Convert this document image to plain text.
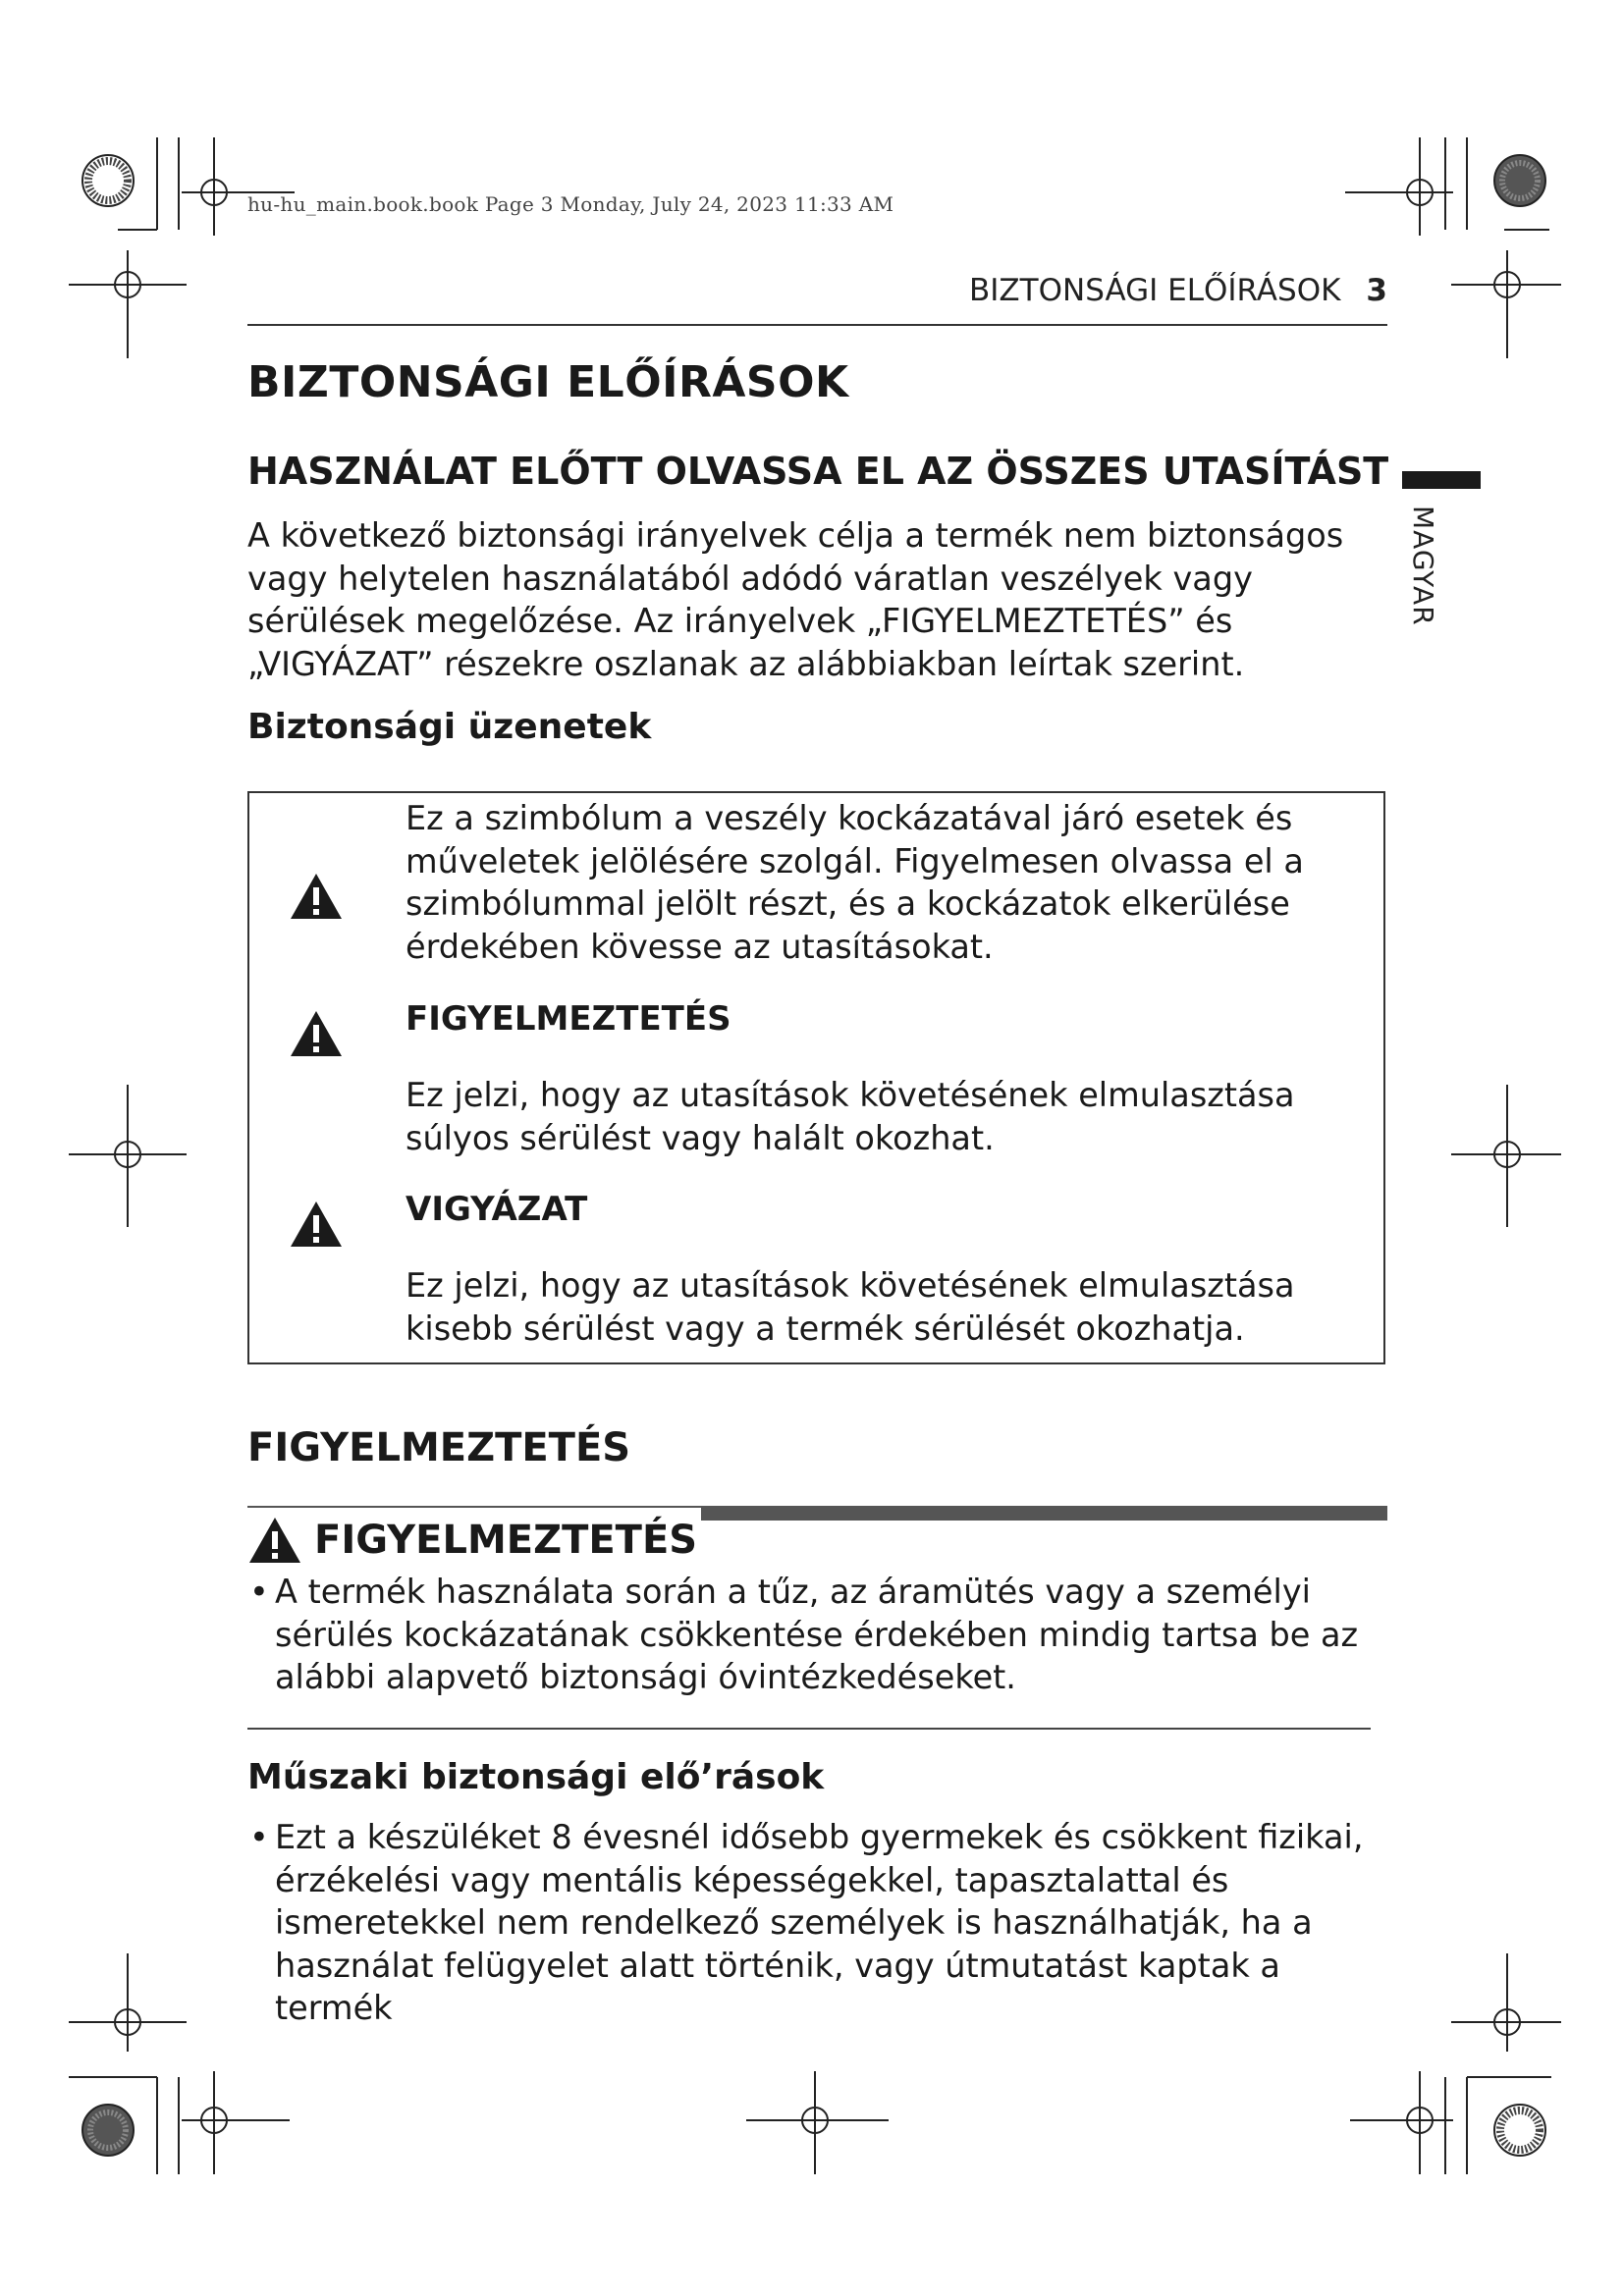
hu-hu_main.book.book Page 3 Monday, July 24, 2023 11:33 AM
BIZTONSÁGI ELŐÍRÁSOK 3
MAGYAR
BIZTONSÁGI ELŐÍRÁSOK
HASZNÁLAT ELŐTT OLVASSA EL AZ ÖSSZES UTASÍTÁST

A következő biztonsági irányelvek célja a termék nem biztonságos vagy helytelen használatából adódó váratlan veszélyek vagy sérülések megelőzése. Az irányelvek „FIGYELMEZTETÉS” és „VIGYÁZAT” részekre oszlanak az alábbiakban leírtak szerint.

Biztonsági üzenetek

Ez a szimbólum a veszély kockázatával járó esetek és műveletek jelölésére szolgál. Figyelmesen olvassa el a szimbólummal jelölt részt, és a kockázatok elkerülése érdekében kövesse az utasításokat.

FIGYELMEZTETÉS

Ez jelzi, hogy az utasítások követésének elmulasztása súlyos sérülést vagy halált okozhat.

VIGYÁZAT

Ez jelzi, hogy az utasítások követésének elmulasztása kisebb sérülést vagy a termék sérülését okozhatja.

FIGYELMEZTETÉS
FIGYELMEZTETÉS
• A termék használata során a tűz, az áramütés vagy a személyi sérülés kockázatának csökkentése érdekében mindig tartsa be az alábbi alapvető biztonsági óvintézkedéseket.
Műszaki biztonsági elő’rások
• Ezt a készüléket 8 évesnél idősebb gyermekek és csökkent fizikai, érzékelési vagy mentális képességekkel, tapasztalattal és ismeretekkel nem rendelkező személyek is használhatják, ha a használat felügyelet alatt történik, vagy útmutatást kaptak a termék
